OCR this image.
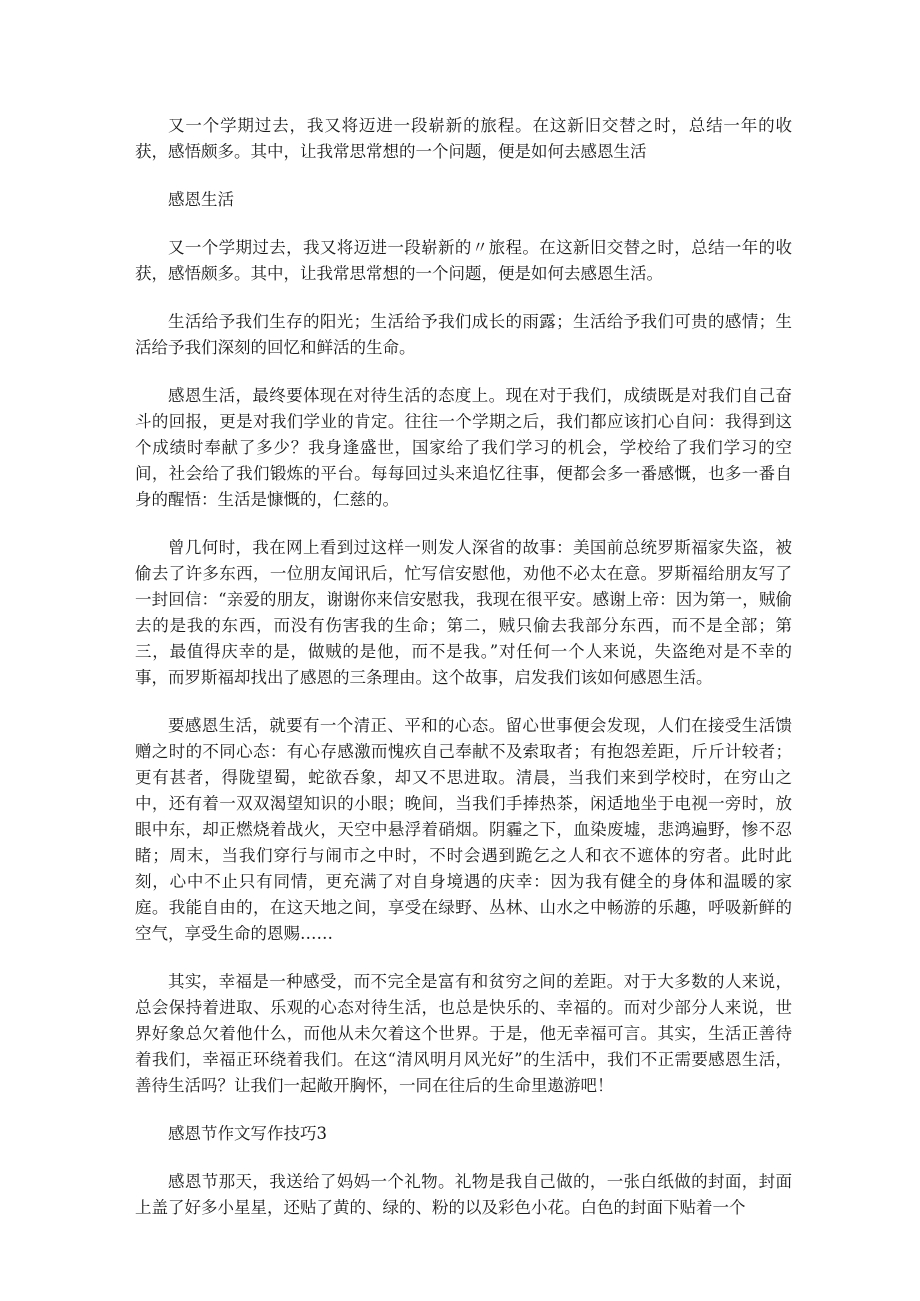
又一个学期过去，我又将迈进一段崭新的旅程。在这新旧交替之时，总结一年的收获，感悟颇多。其中，让我常思常想的一个问题，便是如何去感恩生活

感恩生活

又一个学期过去，我又将迈进一段崭新的〃旅程。在这新旧交替之时，总结一年的收获，感悟颇多。其中，让我常思常想的一个问题，便是如何去感恩生活。

生活给予我们生存的阳光；生活给予我们成长的雨露；生活给予我们可贵的感情；生活给予我们深刻的回忆和鲜活的生命。

感恩生活，最终要体现在对待生活的态度上。现在对于我们，成绩既是对我们自己奋斗的回报，更是对我们学业的肯定。往往一个学期之后，我们都应该扪心自问：我得到这个成绩时奉献了多少？我身逢盛世，国家给了我们学习的机会，学校给了我们学习的空间，社会给了我们锻炼的平台。每每回过头来追忆往事，便都会多一番感慨，也多一番自身的醒悟：生活是慷慨的，仁慈的。

曾几何时，我在网上看到过这样一则发人深省的故事：美国前总统罗斯福家失盗，被偷去了许多东西，一位朋友闻讯后，忙写信安慰他，劝他不必太在意。罗斯福给朋友写了一封回信：“亲爱的朋友，谢谢你来信安慰我，我现在很平安。感谢上帝：因为第一，贼偷去的是我的东西，而没有伤害我的生命；第二，贼只偷去我部分东西，而不是全部；第三，最值得庆幸的是，做贼的是他，而不是我。”对任何一个人来说，失盗绝对是不幸的事，而罗斯福却找出了感恩的三条理由。这个故事，启发我们该如何感恩生活。

要感恩生活，就要有一个清正、平和的心态。留心世事便会发现，人们在接受生活馈赠之时的不同心态：有心存感激而愧疚自己奉献不及索取者；有抱怨差距，斤斤计较者；更有甚者，得陇望蜀，蛇欲吞象，却又不思进取。清晨，当我们来到学校时，在穷山之中，还有着一双双渴望知识的小眼；晚间，当我们手捧热茶，闲适地坐于电视一旁时，放眼中东，却正燃烧着战火，天空中悬浮着硝烟。阴霾之下，血染废墟，悲鸿遍野，惨不忍睹；周末，当我们穿行与闹市之中时，不时会遇到跪乞之人和衣不遮体的穷者。此时此刻，心中不止只有同情，更充满了对自身境遇的庆幸：因为我有健全的身体和温暖的家庭。我能自由的，在这天地之间，享受在绿野、丛林、山水之中畅游的乐趣，呼吸新鲜的空气，享受生命的恩赐……

其实，幸福是一种感受，而不完全是富有和贫穷之间的差距。对于大多数的人来说，总会保持着进取、乐观的心态对待生活，也总是快乐的、幸福的。而对少部分人来说，世界好象总欠着他什么，而他从未欠着这个世界。于是，他无幸福可言。其实，生活正善待着我们，幸福正环绕着我们。在这“清风明月风光好”的生活中，我们不正需要感恩生活，善待生活吗？让我们一起敞开胸怀，一同在往后的生命里遨游吧！

感恩节作文写作技巧3

感恩节那天，我送给了妈妈一个礼物。礼物是我自己做的，一张白纸做的封面，封面上盖了好多小星星，还贴了黄的、绿的、粉的以及彩色小花。白色的封面下贴着一个
